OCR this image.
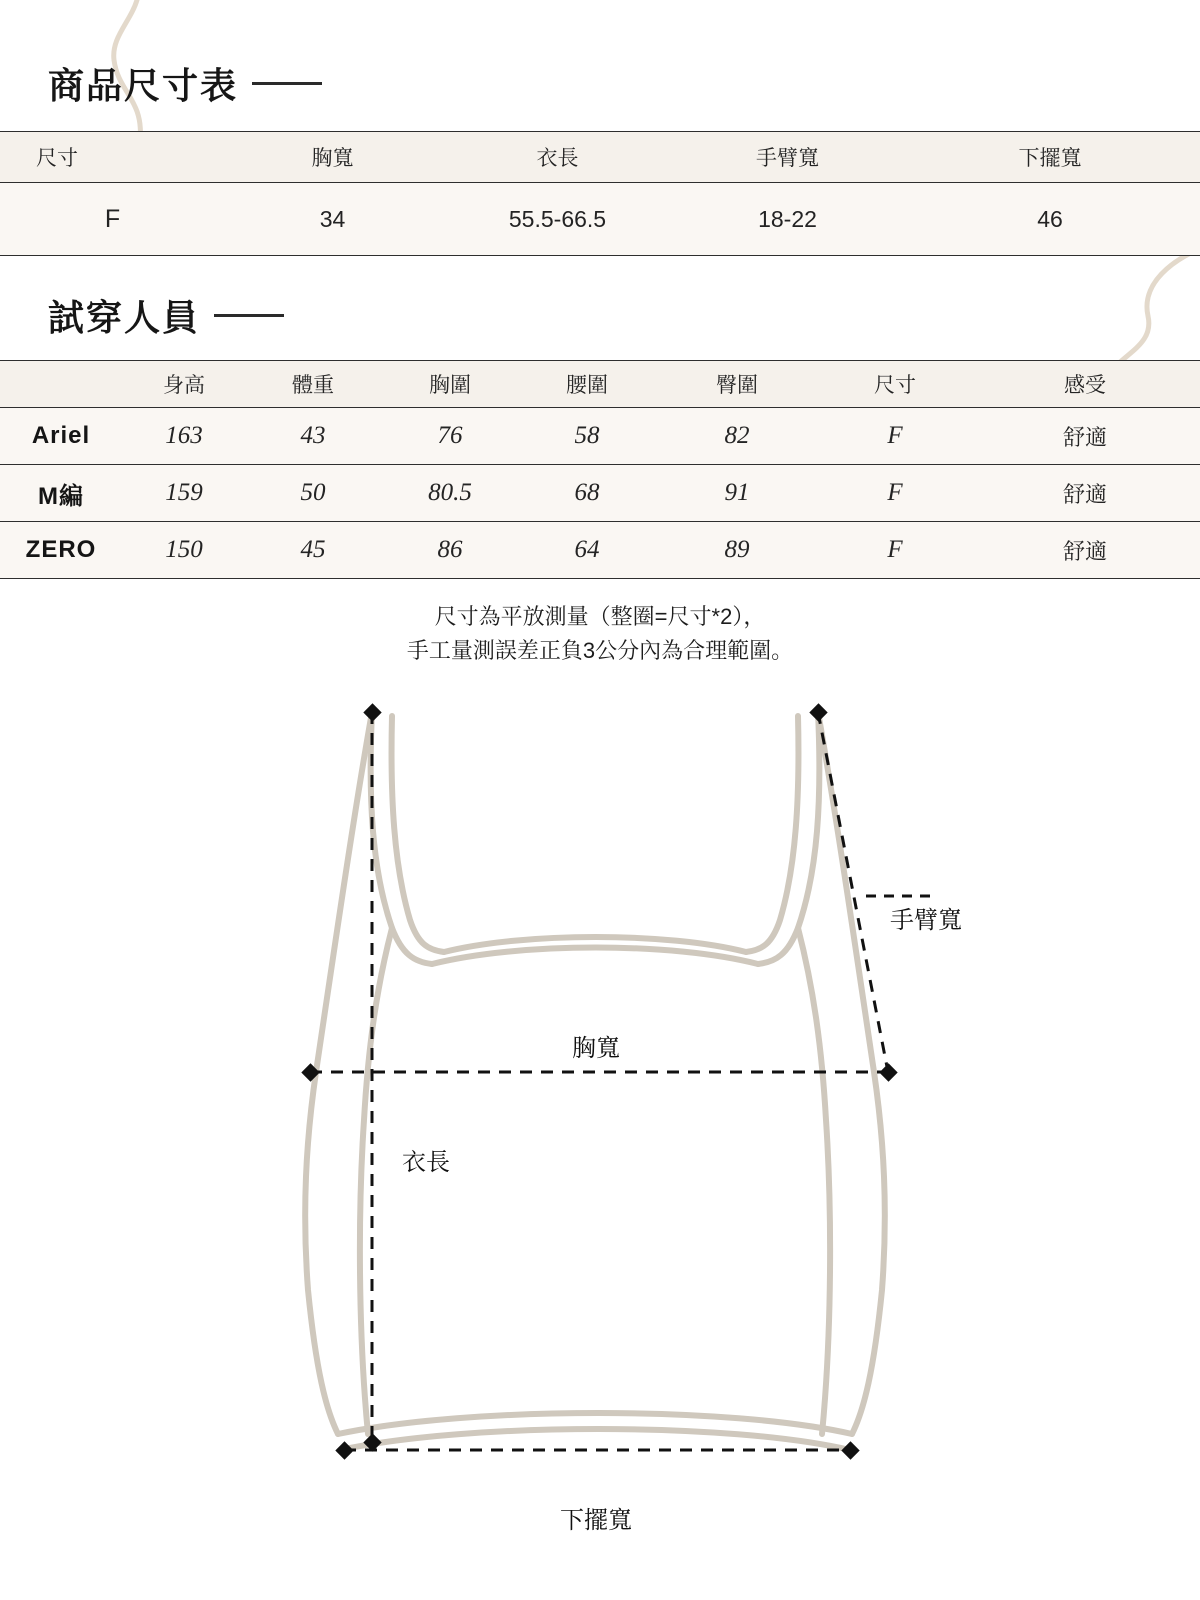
商品尺寸表
尺寸	胸寬	衣長	手臂寬	下擺寬
F	34	55.5-66.5	18-22	46
試穿人員
	身高	體重	胸圍	腰圍	臀圍	尺寸	感受
Ariel	163	43	76	58	82	F	舒適
M編	159	50	80.5	68	91	F	舒適
ZERO	150	45	86	64	89	F	舒適
尺寸為平放測量（整圈=尺寸*2），
手工量測誤差正負3公分內為合理範圍。
手臂寬
胸寬
衣長
下擺寬
